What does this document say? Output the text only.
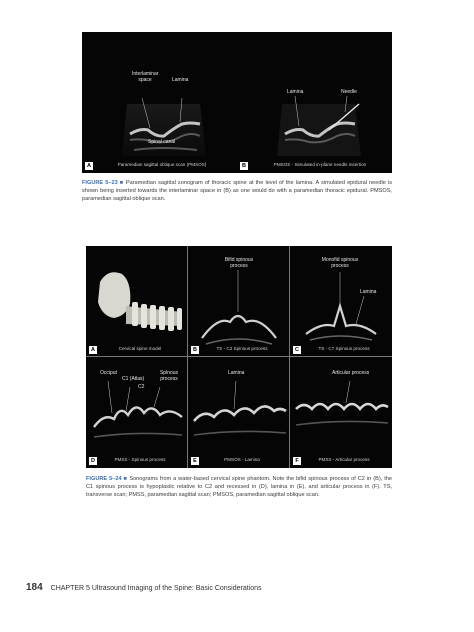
Interlaminar space	Lamina
Spinal canal
A	Paramedian sagittal oblique scan (PMSOS)
Lamina	Needle
B	PMSOS - Simulated in-plane needle insertion
FIGURE 5–23 ■ Paramedian sagittal sonogram of thoracic spine at the level of the lamina. A simulated epidural needle is shown being inserted towards the interlaminar space in (B) as one would do with a paramedian thoracic epidural. PMSOS, paramedian sagittal oblique scan.
A	Cervical spine model
Bifid spinous process
B	TS - C2 Spinous process
Monofid spinous process
Lamina
C	TS - C7 Spinous process
Occiput
C1 (Atlas)
C2
Spinous process
D	PMSS - Spinous process
Lamina
E	PMSOS - Lamina
Articular process
F	PMSS - Articular process
FIGURE 5–24 ■ Sonograms from a water-based cervical spine phantom. Note the bifid spinous process of C2 in (B), the C1 spinous process is hypoplastic relative to C2 and recessed in (D), lamina in (E), and articular process in (F). TS, transverse scan; PMSS, paramedian sagittal scan; PMSOS, paramedian sagittal oblique scan.
184 CHAPTER 5 Ultrasound Imaging of the Spine: Basic Considerations
